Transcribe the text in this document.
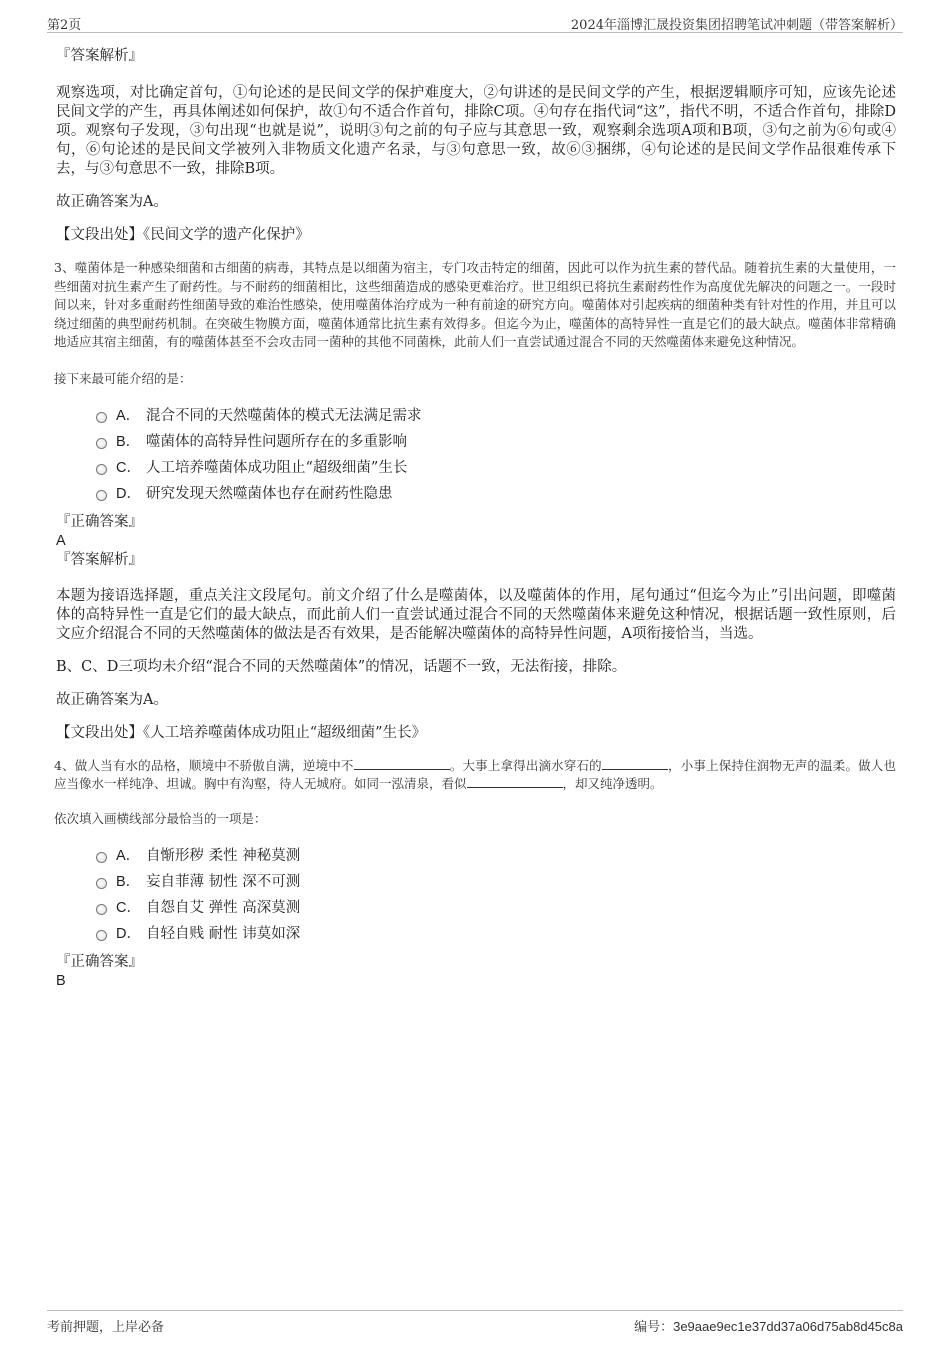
第2页	2024年淄博汇晟投资集团招聘笔试冲刺题（带答案解析）

『答案解析』

观察选项，对比确定首句，①句论述的是民间文学的保护难度大，②句讲述的是民间文学的产生，根据逻辑顺序可知，应该先论述民间文学的产生，再具体阐述如何保护，故①句不适合作首句，排除C项。④句存在指代词“这”，指代不明，不适合作首句，排除D项。观察句子发现，③句出现“也就是说”，说明③句之前的句子应与其意思一致，观察剩余选项A项和B项，③句之前为⑥句或④句，⑥句论述的是民间文学被列入非物质文化遗产名录，与③句意思一致，故⑥③捆绑，④句论述的是民间文学作品很难传承下去，与③句意思不一致，排除B项。

故正确答案为A。

【文段出处】《民间文学的遗产化保护》

3、噬菌体是一种感染细菌和古细菌的病毒，其特点是以细菌为宿主，专门攻击特定的细菌，因此可以作为抗生素的替代品。随着抗生素的大量使用，一些细菌对抗生素产生了耐药性。与不耐药的细菌相比，这些细菌造成的感染更难治疗。世卫组织已将抗生素耐药性作为高度优先解决的问题之一。一段时间以来，针对多重耐药性细菌导致的难治性感染，使用噬菌体治疗成为一种有前途的研究方向。噬菌体对引起疾病的细菌种类有针对性的作用，并且可以绕过细菌的典型耐药机制。在突破生物膜方面，噬菌体通常比抗生素有效得多。但迄今为止，噬菌体的高特异性一直是它们的最大缺点。噬菌体非常精确地适应其宿主细菌，有的噬菌体甚至不会攻击同一菌种的其他不同菌株，此前人们一直尝试通过混合不同的天然噬菌体来避免这种情况。

接下来最可能介绍的是：

A． 混合不同的天然噬菌体的模式无法满足需求
B． 噬菌体的高特异性问题所存在的多重影响
C． 人工培养噬菌体成功阻止“超级细菌”生长
D． 研究发现天然噬菌体也存在耐药性隐患

『正确答案』

A

『答案解析』

本题为接语选择题，重点关注文段尾句。前文介绍了什么是噬菌体，以及噬菌体的作用，尾句通过“但迄今为止”引出问题，即噬菌体的高特异性一直是它们的最大缺点，而此前人们一直尝试通过混合不同的天然噬菌体来避免这种情况，根据话题一致性原则，后文应介绍混合不同的天然噬菌体的做法是否有效果，是否能解决噬菌体的高特异性问题，A项衔接恰当，当选。

B、C、D三项均未介绍“混合不同的天然噬菌体”的情况，话题不一致，无法衔接，排除。

故正确答案为A。

【文段出处】《人工培养噬菌体成功阻止“超级细菌”生长》

4、做人当有水的品格，顺境中不骄傲自满，逆境中不	。大事上拿得出滴水穿石的	，小事上保持住润物无声的温柔。做人也应当像水一样纯净、坦诚。胸中有沟壑，待人无城府。如同一泓清泉，看似	，却又纯净透明。

依次填入画横线部分最恰当的一项是：

A． 自惭形秽 柔性 神秘莫测
B． 妄自菲薄 韧性 深不可测
C． 自怨自艾 弹性 高深莫测
D． 自轻自贱 耐性 讳莫如深

『正确答案』

B

考前押题，上岸必备	编号：3e9aae9ec1e37dd37a06d75ab8d45c8a
